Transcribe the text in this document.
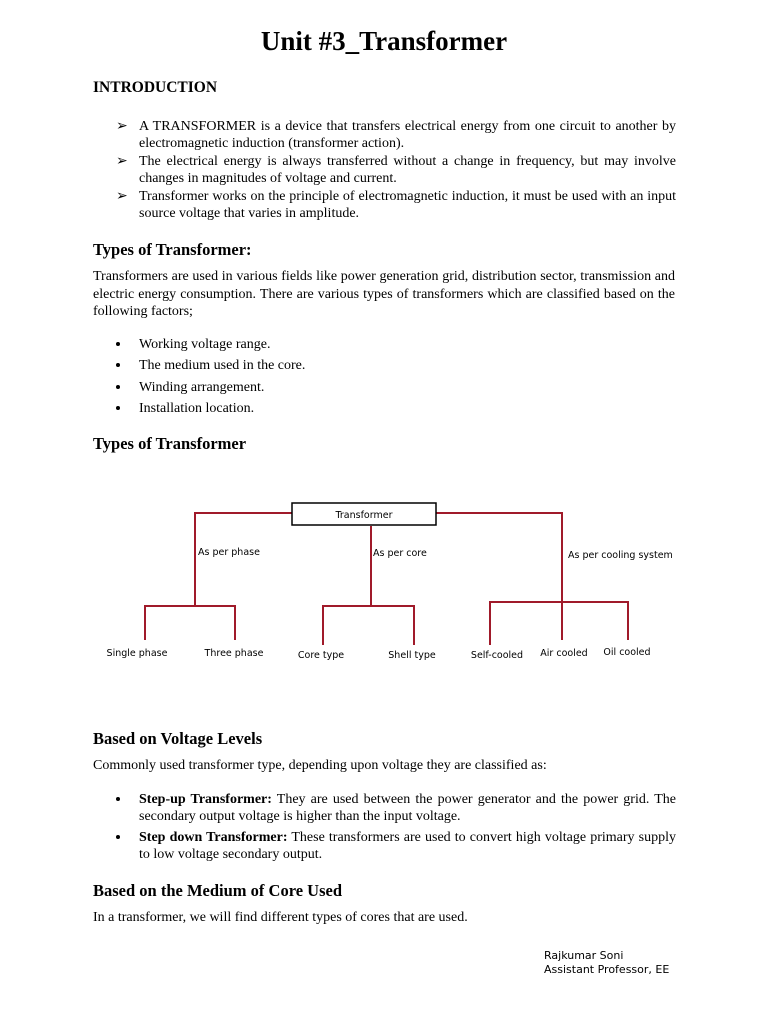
Unit #3_Transformer
INTRODUCTION
➢ A TRANSFORMER is a device that transfers electrical energy from one circuit to another by electromagnetic induction (transformer action).
➢ The electrical energy is always transferred without a change in frequency, but may involve changes in magnitudes of voltage and current.
➢ Transformer works on the principle of electromagnetic induction, it must be used with an input source voltage that varies in amplitude.
Types of Transformer:
Transformers are used in various fields like power generation grid, distribution sector, transmission and electric energy consumption. There are various types of transformers which are classified based on the following factors;
Working voltage range.
The medium used in the core.
Winding arrangement.
Installation location.
Types of Transformer
Transformer
As per phase	As per core	As per cooling system
Single phase	Three phase	Core type	Shell type	Self-cooled Air cooled Oil cooled
Based on Voltage Levels
Commonly used transformer type, depending upon voltage they are classified as:
Step-up Transformer: They are used between the power generator and the power grid. The secondary output voltage is higher than the input voltage.
Step down Transformer: These transformers are used to convert high voltage primary supply to low voltage secondary output.
Based on the Medium of Core Used
In a transformer, we will find different types of cores that are used.
Rajkumar Soni
Assistant Professor, EE
